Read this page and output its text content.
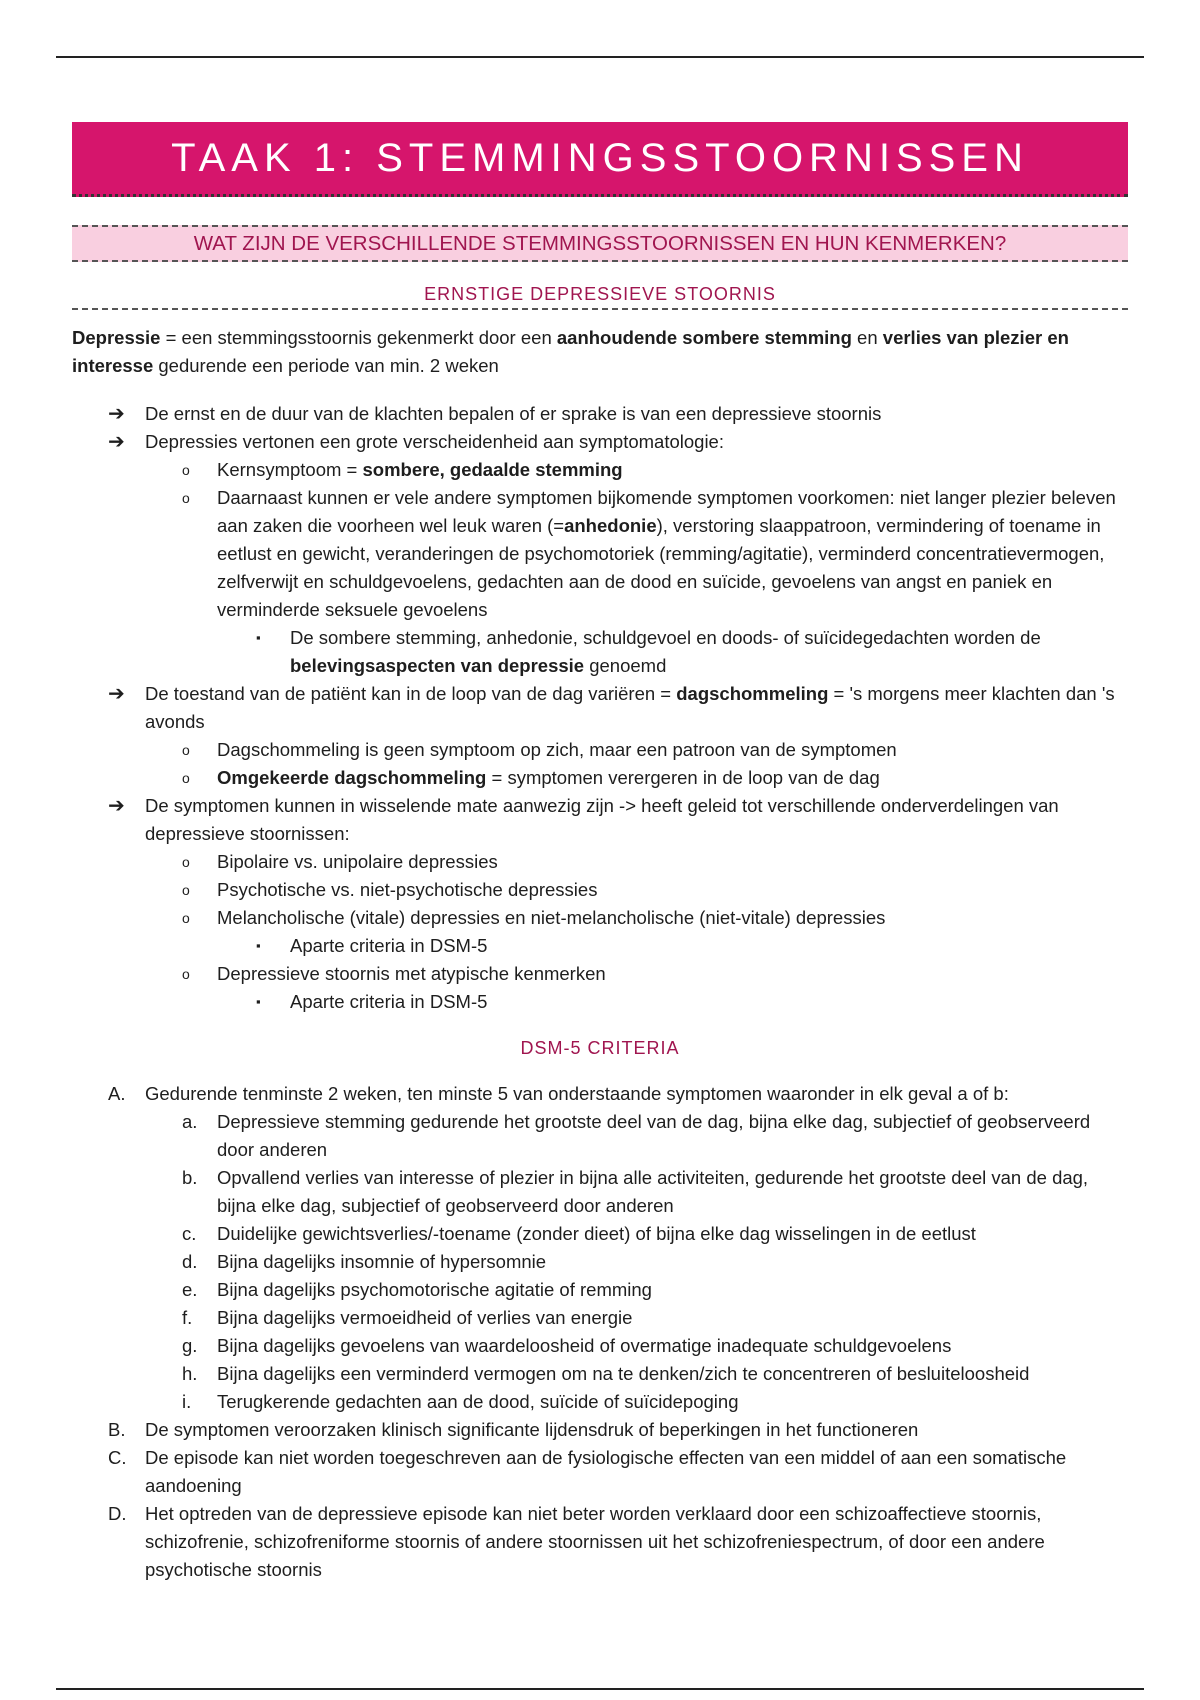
TAAK 1: STEMMINGSSTOORNISSEN
WAT ZIJN DE VERSCHILLENDE STEMMINGSSTOORNISSEN EN HUN KENMERKEN?
ERNSTIGE DEPRESSIEVE STOORNIS

Depressie = een stemmingsstoornis gekenmerkt door een aanhoudende sombere stemming en verlies van plezier en interesse gedurende een periode van min. 2 weken

➔ De ernst en de duur van de klachten bepalen of er sprake is van een depressieve stoornis
➔ Depressies vertonen een grote verscheidenheid aan symptomatologie:
o Kernsymptoom = sombere, gedaalde stemming
o Daarnaast kunnen er vele andere symptomen bijkomende symptomen voorkomen: niet langer plezier beleven aan zaken die voorheen wel leuk waren (=anhedonie), verstoring slaappatroon, vermindering of toename in eetlust en gewicht, veranderingen de psychomotoriek (remming/agitatie), verminderd concentratievermogen, zelfverwijt en schuldgevoelens, gedachten aan de dood en suïcide, gevoelens van angst en paniek en verminderde seksuele gevoelens
▪ De sombere stemming, anhedonie, schuldgevoel en doods- of suïcidegedachten worden de belevingsaspecten van depressie genoemd
➔ De toestand van de patiënt kan in de loop van de dag variëren = dagschommeling = 's morgens meer klachten dan 's avonds
o Dagschommeling is geen symptoom op zich, maar een patroon van de symptomen
o Omgekeerde dagschommeling = symptomen verergeren in de loop van de dag
➔ De symptomen kunnen in wisselende mate aanwezig zijn -> heeft geleid tot verschillende onderverdelingen van depressieve stoornissen:
o Bipolaire vs. unipolaire depressies
o Psychotische vs. niet-psychotische depressies
o Melancholische (vitale) depressies en niet-melancholische (niet-vitale) depressies
▪ Aparte criteria in DSM-5
o Depressieve stoornis met atypische kenmerken
▪ Aparte criteria in DSM-5
DSM-5 CRITERIA
A. Gedurende tenminste 2 weken, ten minste 5 van onderstaande symptomen waaronder in elk geval a of b:
a. Depressieve stemming gedurende het grootste deel van de dag, bijna elke dag, subjectief of geobserveerd door anderen
b. Opvallend verlies van interesse of plezier in bijna alle activiteiten, gedurende het grootste deel van de dag, bijna elke dag, subjectief of geobserveerd door anderen
c. Duidelijke gewichtsverlies/-toename (zonder dieet) of bijna elke dag wisselingen in de eetlust
d. Bijna dagelijks insomnie of hypersomnie
e. Bijna dagelijks psychomotorische agitatie of remming
f. Bijna dagelijks vermoeidheid of verlies van energie
g. Bijna dagelijks gevoelens van waardeloosheid of overmatige inadequate schuldgevoelens
h. Bijna dagelijks een verminderd vermogen om na te denken/zich te concentreren of besluiteloosheid
i. Terugkerende gedachten aan de dood, suïcide of suïcidepoging
B. De symptomen veroorzaken klinisch significante lijdensdruk of beperkingen in het functioneren
C. De episode kan niet worden toegeschreven aan de fysiologische effecten van een middel of aan een somatische aandoening
D. Het optreden van de depressieve episode kan niet beter worden verklaard door een schizoaffectieve stoornis, schizofrenie, schizofreniforme stoornis of andere stoornissen uit het schizofreniespectrum, of door een andere psychotische stoornis
